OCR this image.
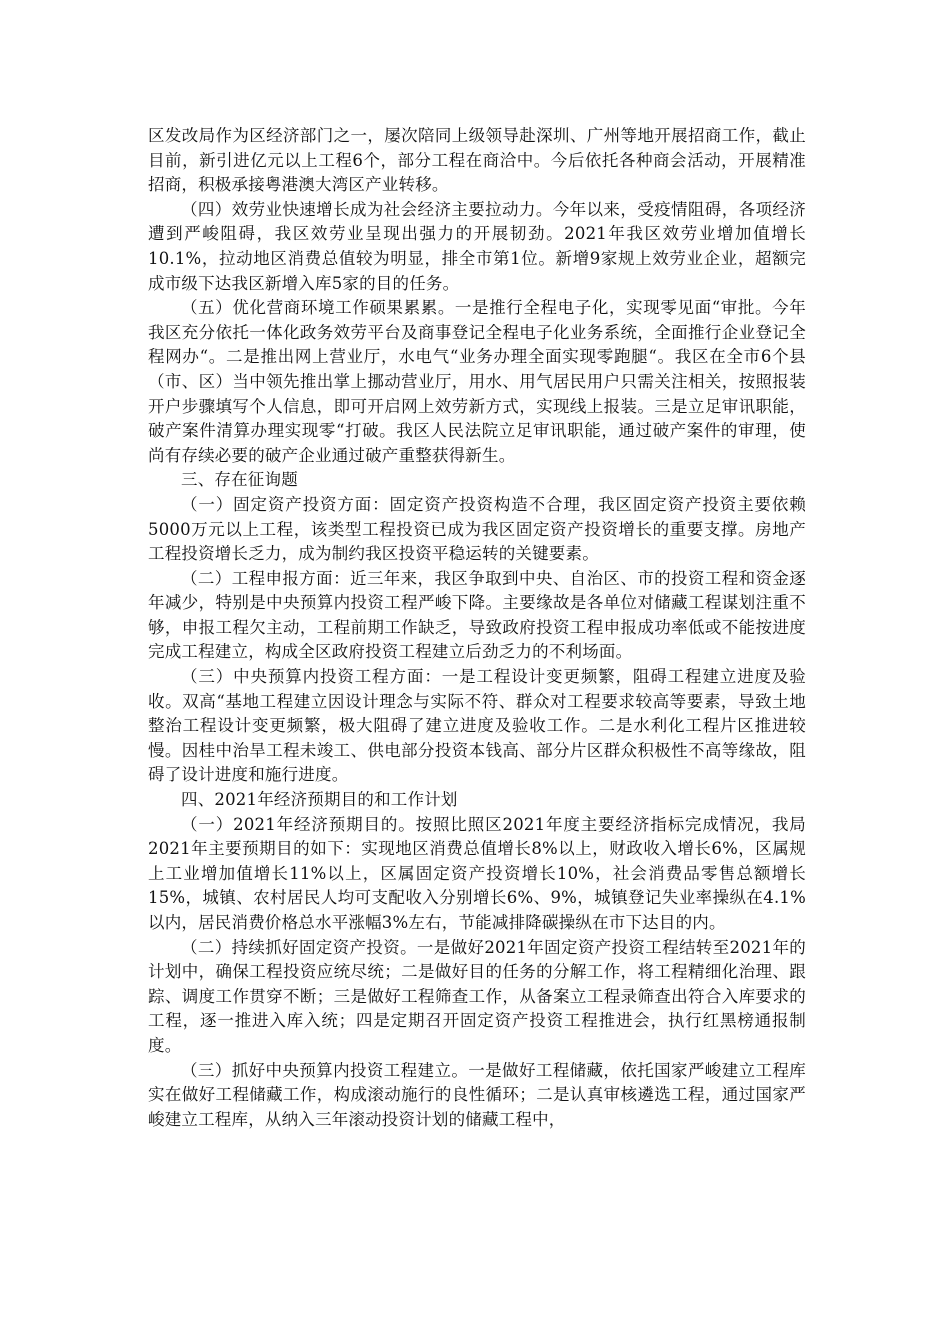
区发改局作为区经济部门之一，屡次陪同上级领导赴深圳、广州等地开展招商工作，截止目前，新引进亿元以上工程6个，部分工程在商洽中。今后依托各种商会活动，开展精准招商，积极承接粤港澳大湾区产业转移。

（四）效劳业快速增长成为社会经济主要拉动力。今年以来，受疫情阻碍，各项经济遭到严峻阻碍，我区效劳业呈现出强力的开展韧劲。2021年我区效劳业增加值增长10.1%，拉动地区消费总值较为明显，排全市第1位。新增9家规上效劳业企业，超额完成市级下达我区新增入库5家的目的任务。

（五）优化营商环境工作硕果累累。一是推行全程电子化，实现零见面“审批。今年我区充分依托一体化政务效劳平台及商事登记全程电子化业务系统，全面推行企业登记全程网办“。二是推出网上营业厅，水电气“业务办理全面实现零跑腿“。我区在全市6个县（市、区）当中领先推出掌上挪动营业厅，用水、用气居民用户只需关注相关，按照报装开户步骤填写个人信息，即可开启网上效劳新方式，实现线上报装。三是立足审讯职能，破产案件清算办理实现零“打破。我区人民法院立足审讯职能，通过破产案件的审理，使尚有存续必要的破产企业通过破产重整获得新生。

三、存在征询题

（一）固定资产投资方面：固定资产投资构造不合理，我区固定资产投资主要依赖5000万元以上工程，该类型工程投资已成为我区固定资产投资增长的重要支撑。房地产工程投资增长乏力，成为制约我区投资平稳运转的关键要素。

（二）工程申报方面：近三年来，我区争取到中央、自治区、市的投资工程和资金逐年减少，特别是中央预算内投资工程严峻下降。主要缘故是各单位对储藏工程谋划注重不够，申报工程欠主动，工程前期工作缺乏，导致政府投资工程申报成功率低或不能按进度完成工程建立，构成全区政府投资工程建立后劲乏力的不利场面。

（三）中央预算内投资工程方面：一是工程设计变更频繁，阻碍工程建立进度及验收。双高“基地工程建立因设计理念与实际不符、群众对工程要求较高等要素，导致土地整治工程设计变更频繁，极大阻碍了建立进度及验收工作。二是水利化工程片区推进较慢。因桂中治旱工程未竣工、供电部分投资本钱高、部分片区群众积极性不高等缘故，阻碍了设计进度和施行进度。

四、2021年经济预期目的和工作计划

（一）2021年经济预期目的。按照比照区2021年度主要经济指标完成情况，我局2021年主要预期目的如下：实现地区消费总值增长8%以上，财政收入增长6%，区属规上工业增加值增长11%以上，区属固定资产投资增长10%，社会消费品零售总额增长15%，城镇、农村居民人均可支配收入分别增长6%、9%，城镇登记失业率操纵在4.1%以内，居民消费价格总水平涨幅3%左右，节能减排降碳操纵在市下达目的内。

（二）持续抓好固定资产投资。一是做好2021年固定资产投资工程结转至2021年的计划中，确保工程投资应统尽统；二是做好目的任务的分解工作，将工程精细化治理、跟踪、调度工作贯穿不断；三是做好工程筛查工作，从备案立工程录筛查出符合入库要求的工程，逐一推进入库入统；四是定期召开固定资产投资工程推进会，执行红黑榜通报制度。

（三）抓好中央预算内投资工程建立。一是做好工程储藏，依托国家严峻建立工程库实在做好工程储藏工作，构成滚动施行的良性循环；二是认真审核遴选工程，通过国家严峻建立工程库，从纳入三年滚动投资计划的储藏工程中，
